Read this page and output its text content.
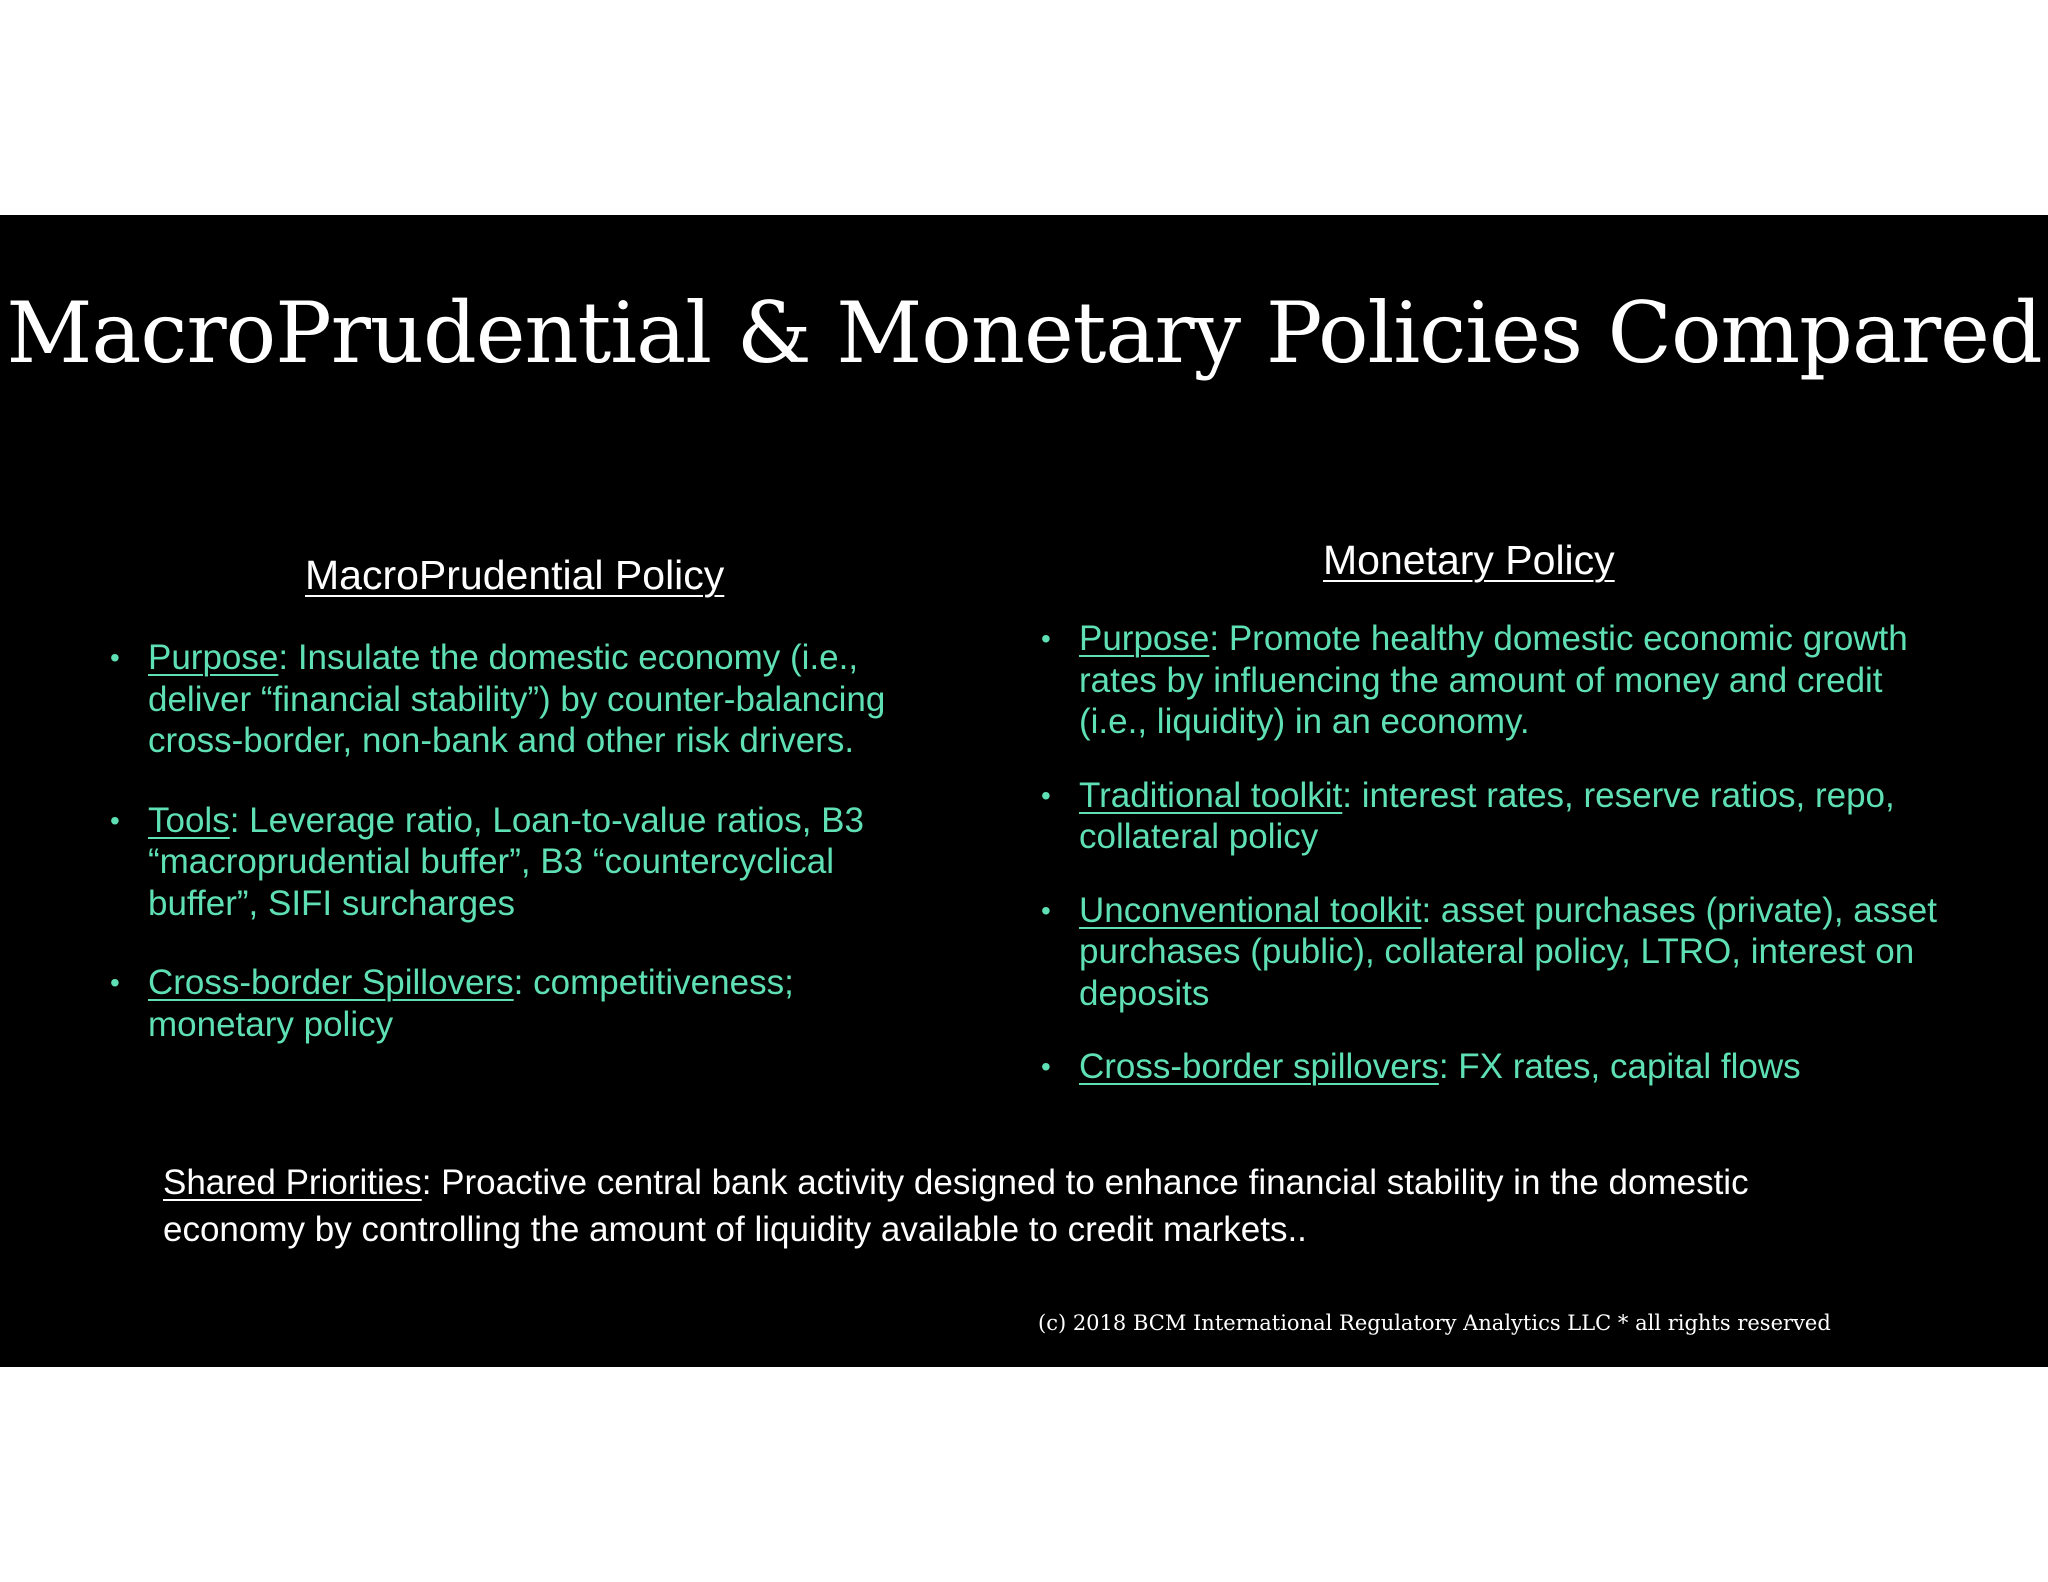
MacroPrudential & Monetary Policies Compared
MacroPrudential Policy
• Purpose: Insulate the domestic economy (i.e., deliver “financial stability”) by counter-balancing cross-border, non-bank and other risk drivers.
• Tools: Leverage ratio, Loan-to-value ratios, B3 “macroprudential buffer”, B3 “countercyclical buffer”, SIFI surcharges
• Cross-border Spillovers: competitiveness; monetary policy
Monetary Policy
• Purpose: Promote healthy domestic economic growth rates by influencing the amount of money and credit (i.e., liquidity) in an economy.
• Traditional toolkit: interest rates, reserve ratios, repo, collateral policy
• Unconventional toolkit: asset purchases (private), asset purchases (public), collateral policy, LTRO, interest on deposits
• Cross-border spillovers: FX rates, capital flows
Shared Priorities: Proactive central bank activity designed to enhance financial stability in the domestic economy by controlling the amount of liquidity available to credit markets..
(c) 2018 BCM International Regulatory Analytics LLC * all rights reserved
